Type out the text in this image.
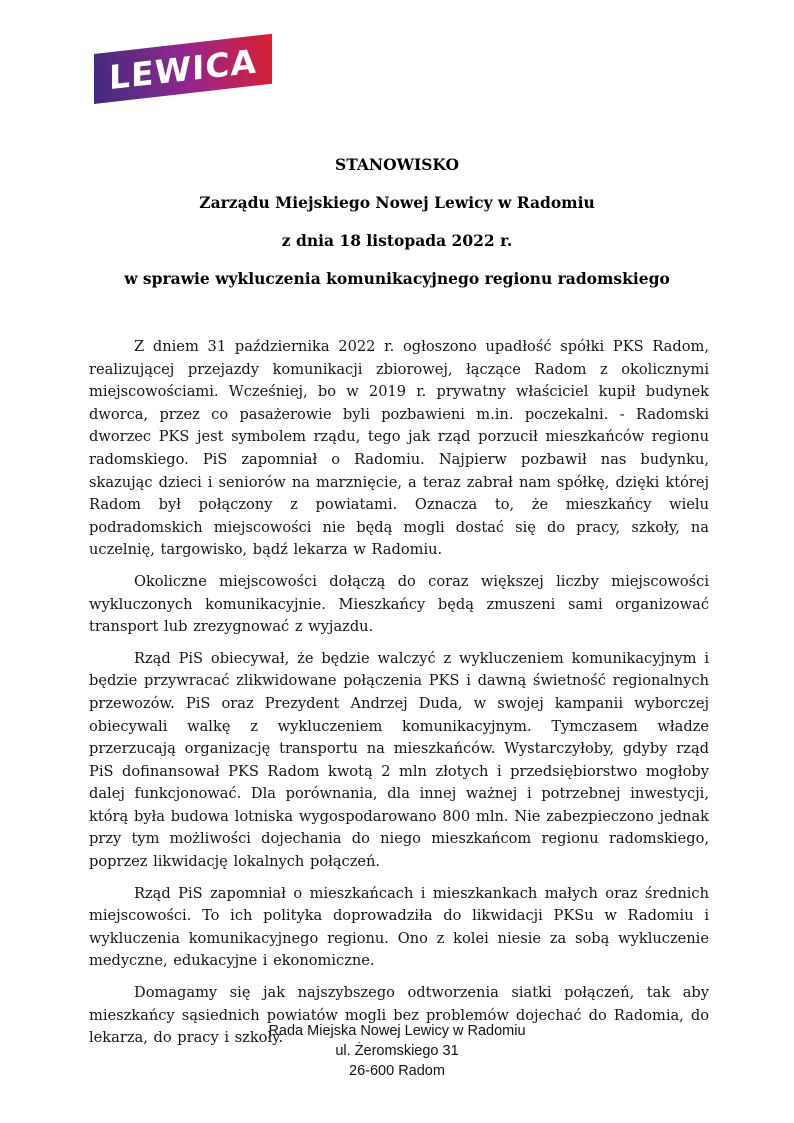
LEWICA
STANOWISKO
Zarządu Miejskiego Nowej Lewicy w Radomiu
z dnia 18 listopada 2022 r.
w sprawie wykluczenia komunikacyjnego regionu radomskiego

Z dniem 31 października 2022 r. ogłoszono upadłość spółki PKS Radom, realizującej przejazdy komunikacji zbiorowej, łączące Radom z okolicznymi miejscowościami. Wcześniej, bo w 2019 r. prywatny właściciel kupił budynek dworca, przez co pasażerowie byli pozbawieni m.in. poczekalni. - Radomski dworzec PKS jest symbolem rządu, tego jak rząd porzucił mieszkańców regionu radomskiego. PiS zapomniał o Radomiu. Najpierw pozbawił nas budynku, skazując dzieci i seniorów na marznięcie, a teraz zabrał nam spółkę, dzięki której Radom był połączony z powiatami. Oznacza to, że mieszkańcy wielu podradomskich miejscowości nie będą mogli dostać się do pracy, szkoły, na uczelnię, targowisko, bądź lekarza w Radomiu.

Okoliczne miejscowości dołączą do coraz większej liczby miejscowości wykluczonych komunikacyjnie. Mieszkańcy będą zmuszeni sami organizować transport lub zrezygnować z wyjazdu.

Rząd PiS obiecywał, że będzie walczyć z wykluczeniem komunikacyjnym i będzie przywracać zlikwidowane połączenia PKS i dawną świetność regionalnych przewozów. PiS oraz Prezydent Andrzej Duda, w swojej kampanii wyborczej obiecywali walkę z wykluczeniem komunikacyjnym. Tymczasem władze przerzucają organizację transportu na mieszkańców. Wystarczyłoby, gdyby rząd PiS dofinansował PKS Radom kwotą 2 mln złotych i przedsiębiorstwo mogłoby dalej funkcjonować. Dla porównania, dla innej ważnej i potrzebnej inwestycji, którą była budowa lotniska wygospodarowano 800 mln. Nie zabezpieczono jednak przy tym możliwości dojechania do niego mieszkańcom regionu radomskiego, poprzez likwidację lokalnych połączeń.

Rząd PiS zapomniał o mieszkańcach i mieszkankach małych oraz średnich miejscowości. To ich polityka doprowadziła do likwidacji PKSu w Radomiu i wykluczenia komunikacyjnego regionu. Ono z kolei niesie za sobą wykluczenie medyczne, edukacyjne i ekonomiczne.

Domagamy się jak najszybszego odtworzenia siatki połączeń, tak aby mieszkańcy sąsiednich powiatów mogli bez problemów dojechać do Radomia, do lekarza, do pracy i szkoły.

Rada Miejska Nowej Lewicy w Radomiu
ul. Żeromskiego 31
26-600 Radom
